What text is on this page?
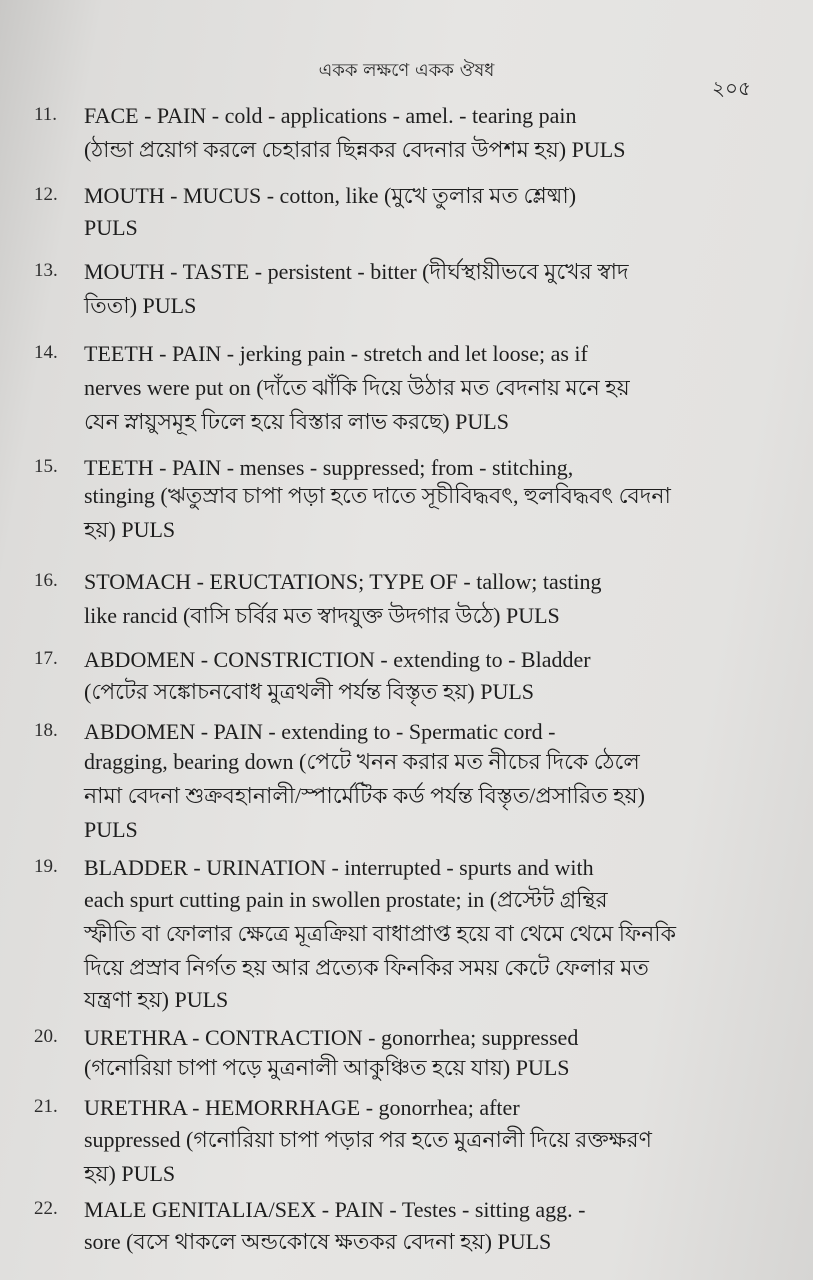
একক লক্ষণে একক ঔষধ
২০৫
11. FACE - PAIN - cold - applications - amel. - tearing pain
(ঠান্ডা প্রয়োগ করলে চেহারার ছিন্নকর বেদনার উপশম হয়) PULS
12. MOUTH - MUCUS - cotton, like (মুখে তুলার মত শ্লেষ্মা)
PULS
13. MOUTH - TASTE - persistent - bitter (দীর্ঘস্থায়ীভবে মুখের স্বাদ
তিতা) PULS
14. TEETH - PAIN - jerking pain - stretch and let loose; as if
nerves were put on (দাঁতে ঝাঁকি দিয়ে উঠার মত বেদনায় মনে হয়
যেন স্নায়ুসমূহ ঢিলে হয়ে বিস্তার লাভ করছে) PULS
15. TEETH - PAIN - menses - suppressed; from - stitching,
stinging (ঋতুস্রাব চাপা পড়া হতে দাতে সূচীবিদ্ধবৎ, হুলবিদ্ধবৎ বেদনা
হয়) PULS
16. STOMACH - ERUCTATIONS; TYPE OF - tallow; tasting
like rancid (বাসি চর্বির মত স্বাদযুক্ত উদগার উঠে) PULS
17. ABDOMEN - CONSTRICTION - extending to - Bladder
(পেটের সঙ্কোচনবোধ মুত্রথলী পর্যন্ত বিস্তৃত হয়) PULS
18. ABDOMEN - PAIN - extending to - Spermatic cord -
dragging, bearing down (পেটে খনন করার মত নীচের দিকে ঠেলে
নামা বেদনা শুক্রবহানালী/স্পার্মেটিক কর্ড পর্যন্ত বিস্তৃত/প্রসারিত হয়)
PULS
19. BLADDER - URINATION - interrupted - spurts and with
each spurt cutting pain in swollen prostate; in (প্রস্টেট গ্রন্থির
স্ফীতি বা ফোলার ক্ষেত্রে মূত্রক্রিয়া বাধাপ্রাপ্ত হয়ে বা থেমে থেমে ফিনকি
দিয়ে প্রস্রাব নির্গত হয় আর প্রত্যেক ফিনকির সময় কেটে ফেলার মত
যন্ত্রণা হয়) PULS
20. URETHRA - CONTRACTION - gonorrhea; suppressed
(গনোরিয়া চাপা পড়ে মুত্রনালী আকুঞ্চিত হয়ে যায়) PULS
21. URETHRA - HEMORRHAGE - gonorrhea; after
suppressed (গনোরিয়া চাপা পড়ার পর হতে মুত্রনালী দিয়ে রক্তক্ষরণ
হয়) PULS
22. MALE GENITALIA/SEX - PAIN - Testes - sitting agg. -
sore (বসে থাকলে অন্ডকোষে ক্ষতকর বেদনা হয়) PULS
